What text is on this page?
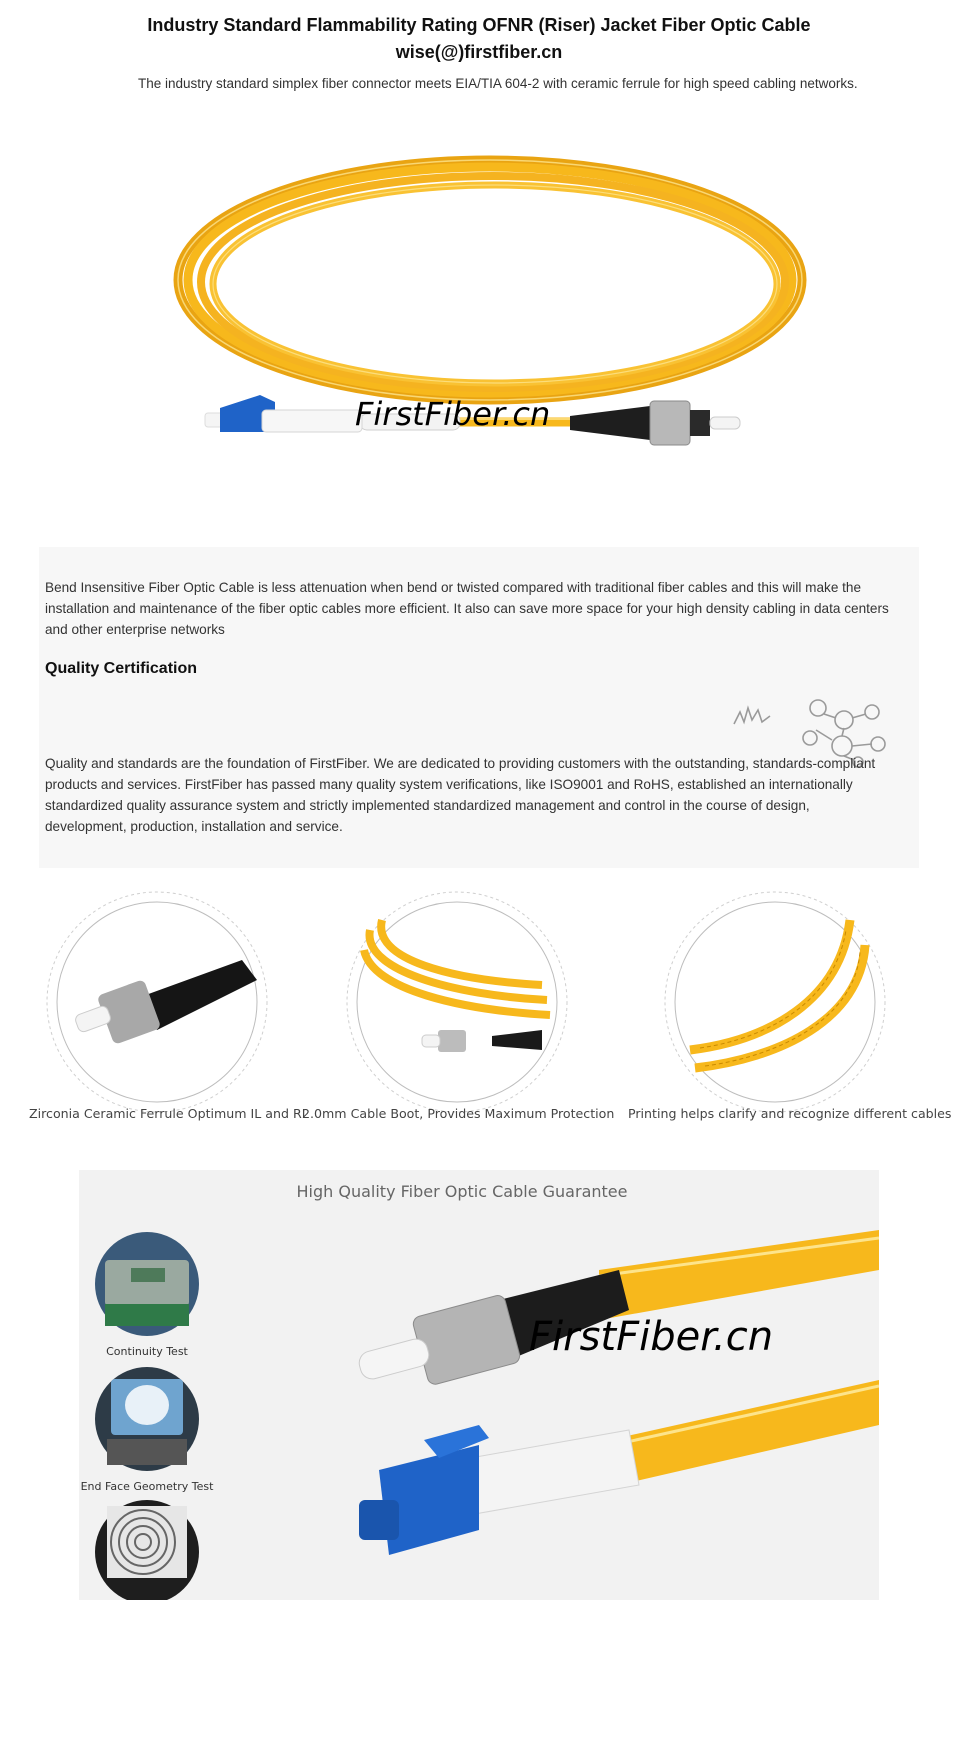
Industry Standard Flammability Rating OFNR (Riser) Jacket Fiber Optic Cable
wise(@)firstfiber.cn
The industry standard simplex fiber connector meets EIA/TIA 604-2 with ceramic ferrule for high speed cabling networks.
FirstFiber.cn
Bend Insensitive Fiber Optic Cable is less attenuation when bend or twisted compared with traditional fiber cables and this will make the installation and maintenance of the fiber optic cables more efficient. It also can save more space for your high density cabling in data centers and other enterprise networks
Quality Certification
Quality and standards are the foundation of FirstFiber. We are dedicated to providing customers with the outstanding, standards-compliant products and services. FirstFiber has passed many quality system verifications, like ISO9001 and RoHS, established an internationally standardized quality assurance system and strictly implemented standardized management and control in the course of design, development, production, installation and service.
Zirconia Ceramic Ferrule Optimum IL and RL
2.0mm Cable Boot, Provides Maximum Protection Printing helps clarify and recognize different cables
High Quality Fiber Optic Cable Guarantee
FirstFiber.cn
Continuity Test
End Face Geometry Test
